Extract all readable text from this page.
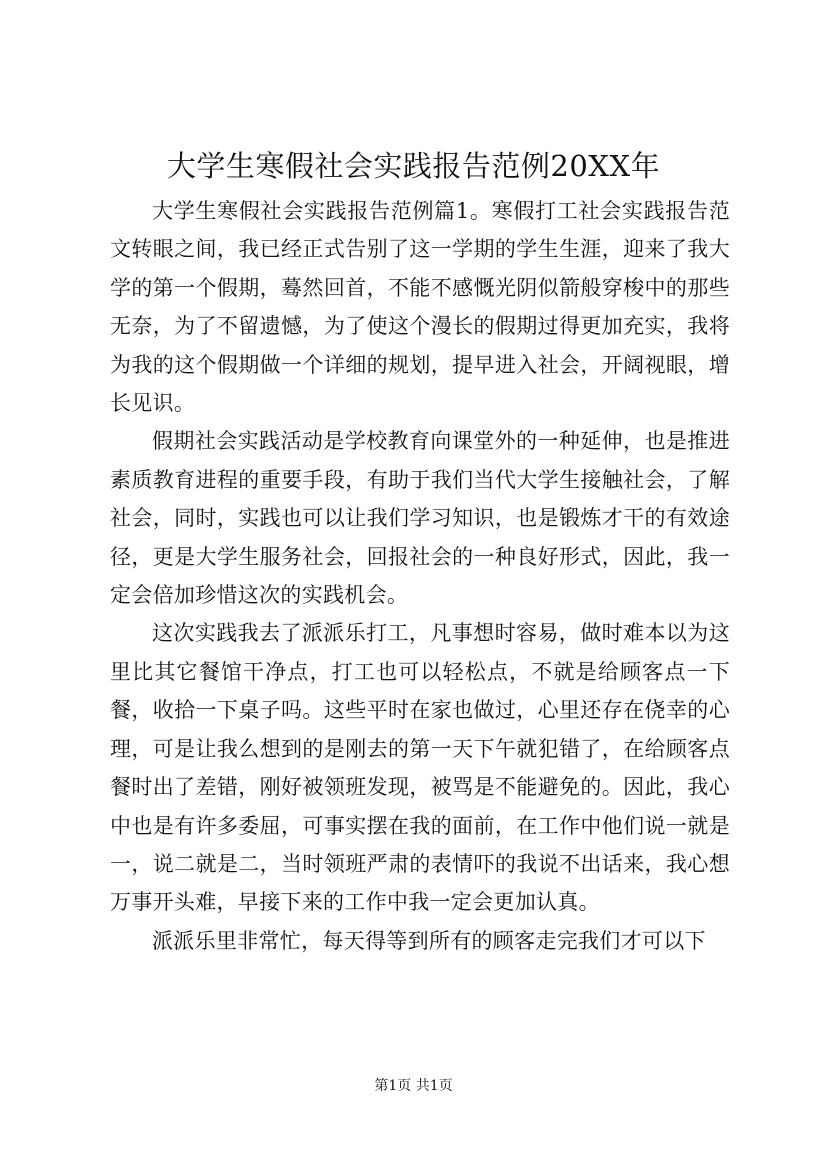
大学生寒假社会实践报告范例20XX年

大学生寒假社会实践报告范例篇1。寒假打工社会实践报告范文转眼之间，我已经正式告别了这一学期的学生生涯，迎来了我大学的第一个假期，蓦然回首，不能不感慨光阴似箭般穿梭中的那些无奈，为了不留遗憾，为了使这个漫长的假期过得更加充实，我将为我的这个假期做一个详细的规划，提早进入社会，开阔视眼，增长见识。

假期社会实践活动是学校教育向课堂外的一种延伸，也是推进素质教育进程的重要手段，有助于我们当代大学生接触社会，了解社会，同时，实践也可以让我们学习知识，也是锻炼才干的有效途径，更是大学生服务社会，回报社会的一种良好形式，因此，我一定会倍加珍惜这次的实践机会。

这次实践我去了派派乐打工，凡事想时容易，做时难本以为这里比其它餐馆干净点，打工也可以轻松点，不就是给顾客点一下餐，收拾一下桌子吗。这些平时在家也做过，心里还存在侥幸的心理，可是让我么想到的是刚去的第一天下午就犯错了，在给顾客点餐时出了差错，刚好被领班发现，被骂是不能避免的。因此，我心中也是有许多委屈，可事实摆在我的面前，在工作中他们说一就是一，说二就是二，当时领班严肃的表情吓的我说不出话来，我心想万事开头难，早接下来的工作中我一定会更加认真。

派派乐里非常忙，每天得等到所有的顾客走完我们才可以下

第1页 共1页
